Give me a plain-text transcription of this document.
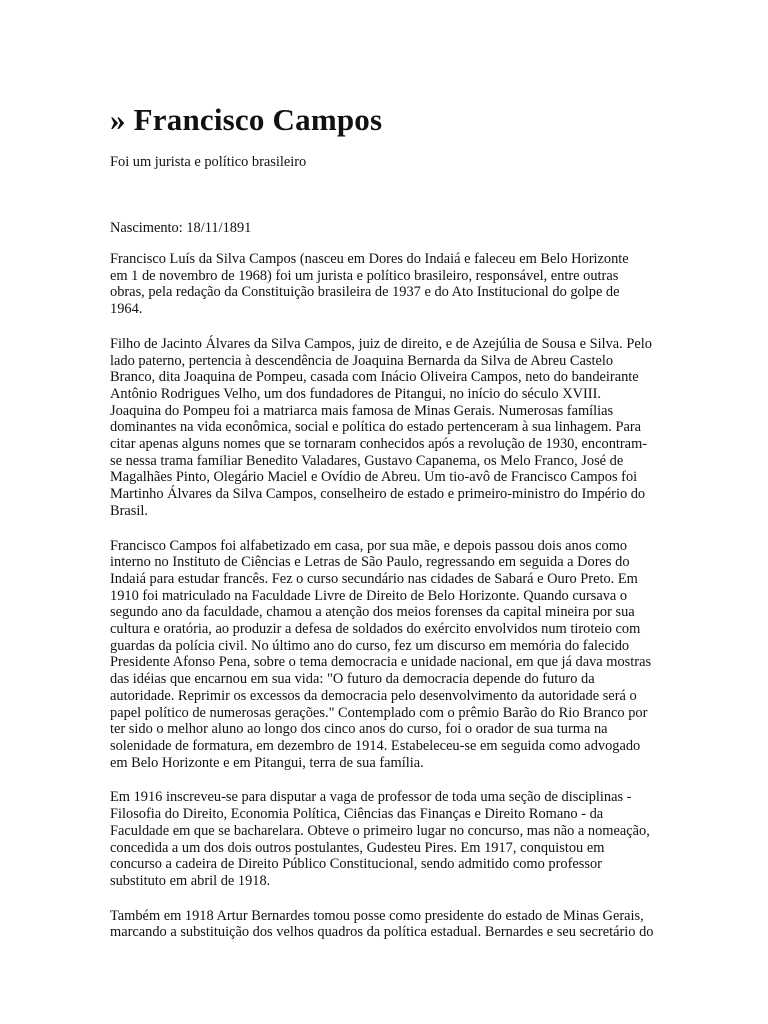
» Francisco Campos

Foi um jurista e político brasileiro

Nascimento: 18/11/1891

Francisco Luís da Silva Campos (nasceu em Dores do Indaiá e faleceu em Belo Horizonte
em 1 de novembro de 1968) foi um jurista e político brasileiro, responsável, entre outras
obras, pela redação da Constituição brasileira de 1937 e do Ato Institucional do golpe de
1964.

Filho de Jacinto Álvares da Silva Campos, juiz de direito, e de Azejúlia de Sousa e Silva. Pelo
lado paterno, pertencia à descendência de Joaquina Bernarda da Silva de Abreu Castelo
Branco, dita Joaquina de Pompeu, casada com Inácio Oliveira Campos, neto do bandeirante
Antônio Rodrigues Velho, um dos fundadores de Pitangui, no início do século XVIII.
Joaquina do Pompeu foi a matriarca mais famosa de Minas Gerais. Numerosas famílias
dominantes na vida econômica, social e política do estado pertenceram à sua linhagem. Para
citar apenas alguns nomes que se tornaram conhecidos após a revolução de 1930, encontram-
se nessa trama familiar Benedito Valadares, Gustavo Capanema, os Melo Franco, José de
Magalhães Pinto, Olegário Maciel e Ovídio de Abreu. Um tio-avô de Francisco Campos foi
Martinho Álvares da Silva Campos, conselheiro de estado e primeiro-ministro do Império do
Brasil.

Francisco Campos foi alfabetizado em casa, por sua mãe, e depois passou dois anos como
interno no Instituto de Ciências e Letras de São Paulo, regressando em seguida a Dores do
Indaiá para estudar francês. Fez o curso secundário nas cidades de Sabará e Ouro Preto. Em
1910 foi matriculado na Faculdade Livre de Direito de Belo Horizonte. Quando cursava o
segundo ano da faculdade, chamou a atenção dos meios forenses da capital mineira por sua
cultura e oratória, ao produzir a defesa de soldados do exército envolvidos num tiroteio com
guardas da polícia civil. No último ano do curso, fez um discurso em memória do falecido
Presidente Afonso Pena, sobre o tema democracia e unidade nacional, em que já dava mostras
das idéias que encarnou em sua vida: "O futuro da democracia depende do futuro da
autoridade. Reprimir os excessos da democracia pelo desenvolvimento da autoridade será o
papel político de numerosas gerações." Contemplado com o prêmio Barão do Rio Branco por
ter sido o melhor aluno ao longo dos cinco anos do curso, foi o orador de sua turma na
solenidade de formatura, em dezembro de 1914. Estabeleceu-se em seguida como advogado
em Belo Horizonte e em Pitangui, terra de sua família.

Em 1916 inscreveu-se para disputar a vaga de professor de toda uma seção de disciplinas -
Filosofia do Direito, Economia Política, Ciências das Finanças e Direito Romano - da
Faculdade em que se bacharelara. Obteve o primeiro lugar no concurso, mas não a nomeação,
concedida a um dos dois outros postulantes, Gudesteu Pires. Em 1917, conquistou em
concurso a cadeira de Direito Público Constitucional, sendo admitido como professor
substituto em abril de 1918.

Também em 1918 Artur Bernardes tomou posse como presidente do estado de Minas Gerais,
marcando a substituição dos velhos quadros da política estadual. Bernardes e seu secretário do
